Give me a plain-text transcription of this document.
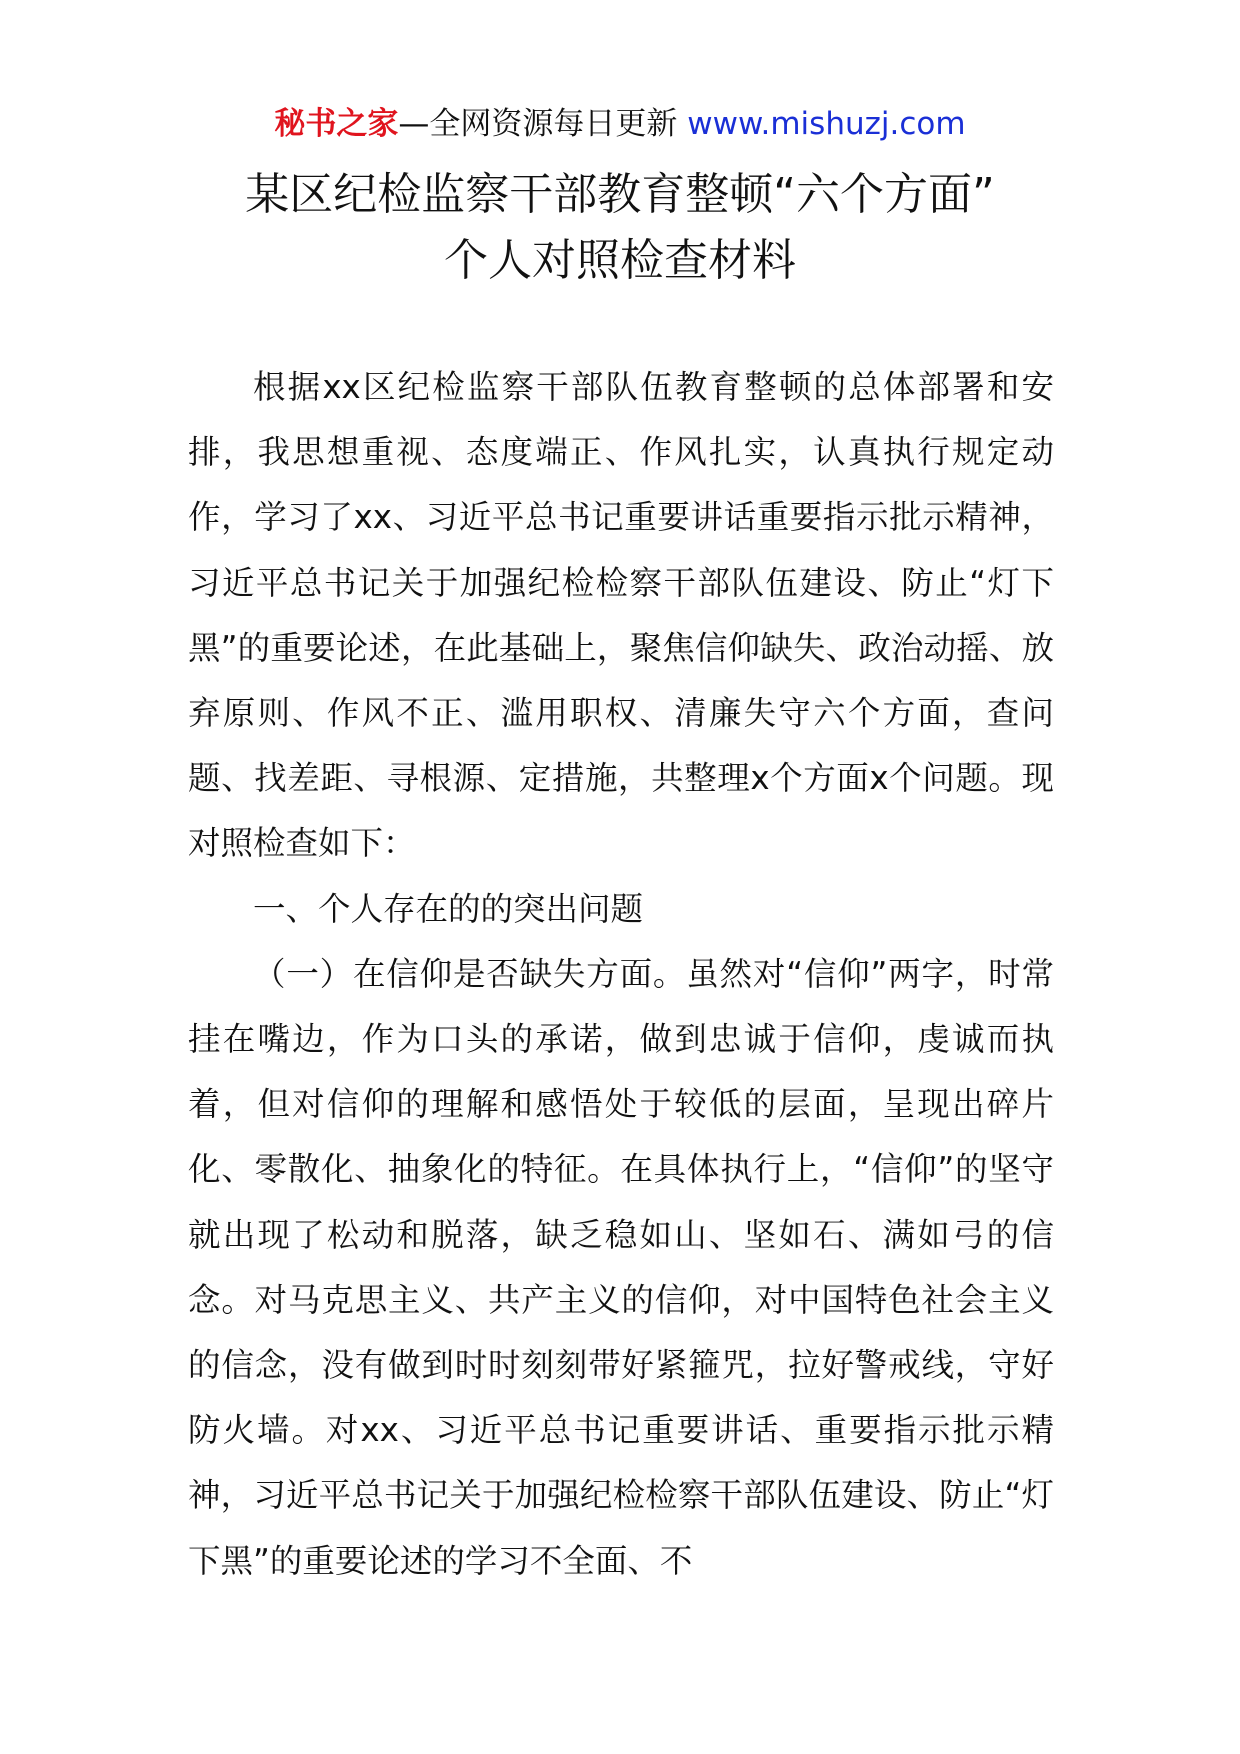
秘书之家—全网资源每日更新 www.mishuzj.com
某区纪检监察干部教育整顿“六个方面”
个人对照检查材料

根据xx区纪检监察干部队伍教育整顿的总体部署和安排，我思想重视、态度端正、作风扎实，认真执行规定动作，学习了xx、习近平总书记重要讲话重要指示批示精神，习近平总书记关于加强纪检检察干部队伍建设、防止“灯下黑”的重要论述，在此基础上，聚焦信仰缺失、政治动摇、放弃原则、作风不正、滥用职权、清廉失守六个方面，查问题、找差距、寻根源、定措施，共整理x个方面x个问题。现对照检查如下：

一、个人存在的的突出问题

（一）在信仰是否缺失方面。虽然对“信仰”两字，时常挂在嘴边，作为口头的承诺，做到忠诚于信仰，虔诚而执着，但对信仰的理解和感悟处于较低的层面，呈现出碎片化、零散化、抽象化的特征。在具体执行上，“信仰”的坚守就出现了松动和脱落，缺乏稳如山、坚如石、满如弓的信念。对马克思主义、共产主义的信仰，对中国特色社会主义的信念，没有做到时时刻刻带好紧箍咒，拉好警戒线，守好防火墙。对xx、习近平总书记重要讲话、重要指示批示精神，习近平总书记关于加强纪检检察干部队伍建设、防止“灯下黑”的重要论述的学习不全面、不
